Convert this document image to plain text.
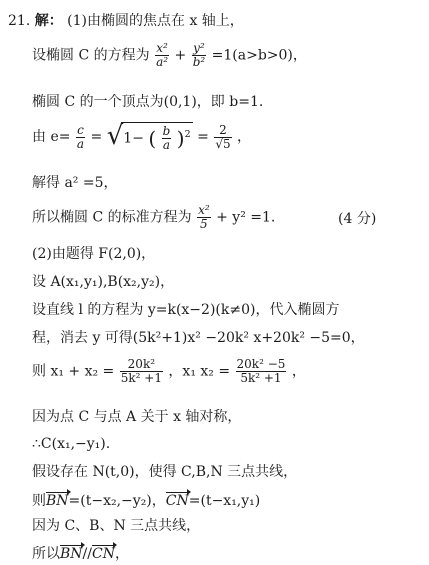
21. 解： (1)由椭圆的焦点在 x 轴上，
设椭圆 C 的方程为 $\frac{\text{x²}}{\text{a²}} + \frac{\text{y²}}{\text{b²}} =1(a>b>0)$，
椭圆 C 的一个顶点为(0,1)，即 b=1.
由 $e= \frac{c}{a} = √1-$ ( $\frac{b}{a} )^2 = \frac{2}{√5}$ ，
解得 a² =5，
所以椭圆 C 的标准方程为 $\frac{\text{x²}}{5} + y^2 =1$.	(4 分)
(2)由题得 F(2,0)，
设 A(x₁,y₁),B(x₂,y₂)，
设直线 l 的方程为 y=k(x−2)(k≠0)，代入椭圆方
程，消去 y 可得(5k²+1)x² −20k² x+20k² −5=0，
则 $x_1 + x_2 = \frac{\text{20k²}}{\text{5k² +1}}$ ，x₁ $x_2 = \frac{\text{20k² −5}}{\text{5k² +1}}$ ，
因为点 C 与点 A 关于 x 轴对称，
∴C(x₁,−y₁).
假设存在 N(t,0)，使得 C,B,N 三点共线，
则BN=(t−x₂,−y₂)，CN=(t−x₁,y₁)
因为 C、B、N 三点共线，
所以BN//CN，
